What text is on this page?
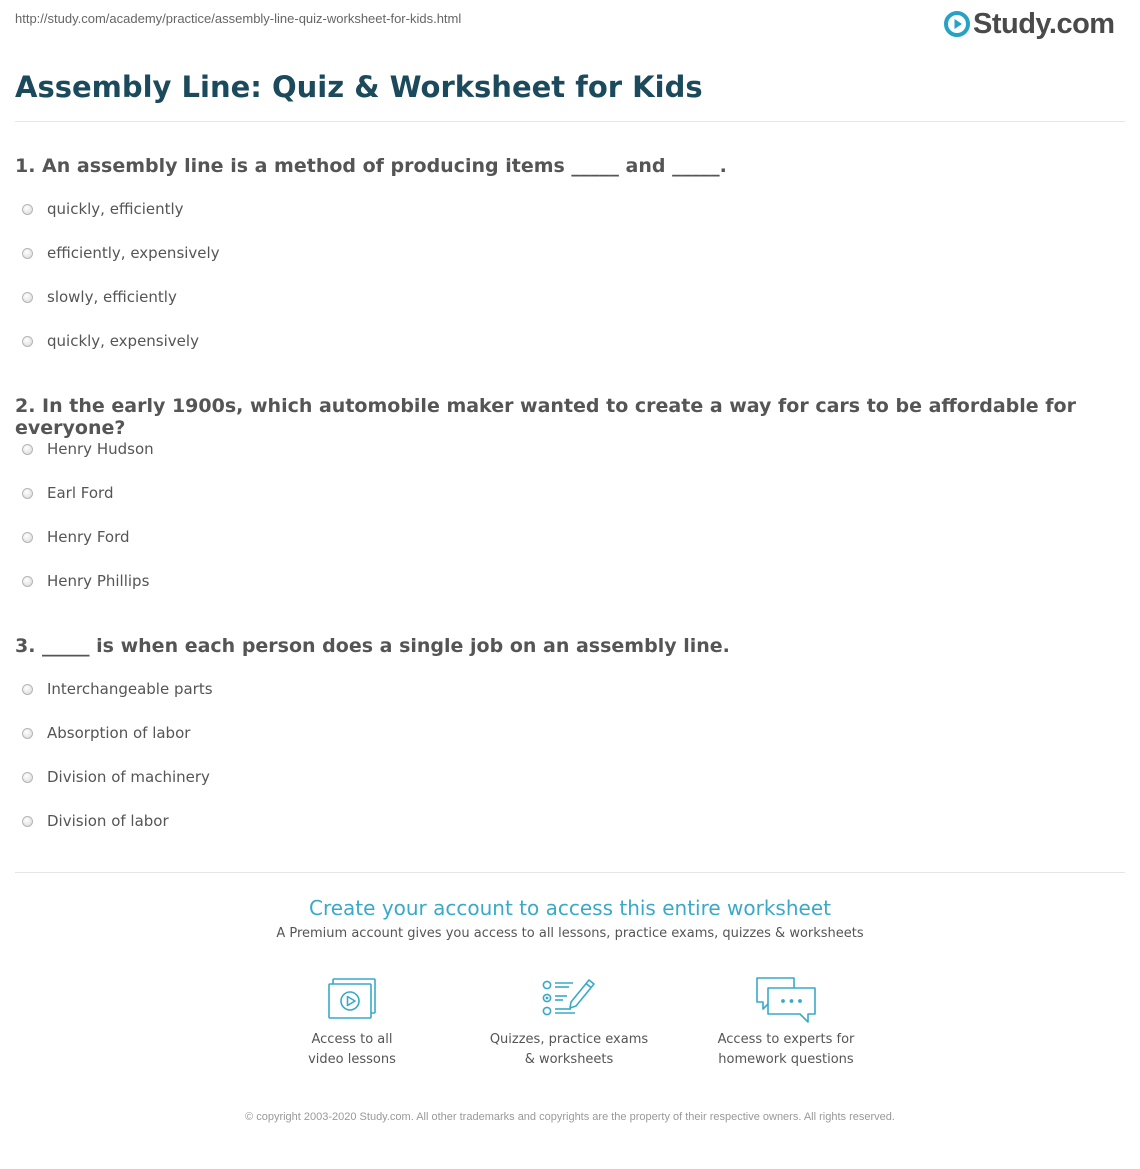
http://study.com/academy/practice/assembly-line-quiz-worksheet-for-kids.html	Study.com
Assembly Line: Quiz & Worksheet for Kids
1. An assembly line is a method of producing items _____ and _____.
quickly, efficiently
efficiently, expensively
slowly, efficiently
quickly, expensively
2. In the early 1900s, which automobile maker wanted to create a way for cars to be affordable for everyone?
Henry Hudson
Earl Ford
Henry Ford
Henry Phillips
3. _____ is when each person does a single job on an assembly line.
Interchangeable parts
Absorption of labor
Division of machinery
Division of labor
Create your account to access this entire worksheet
A Premium account gives you access to all lessons, practice exams, quizzes & worksheets
Access to all
video lessons
Quizzes, practice exams
& worksheets
Access to experts for
homework questions
© copyright 2003-2020 Study.com. All other trademarks and copyrights are the property of their respective owners. All rights reserved.
